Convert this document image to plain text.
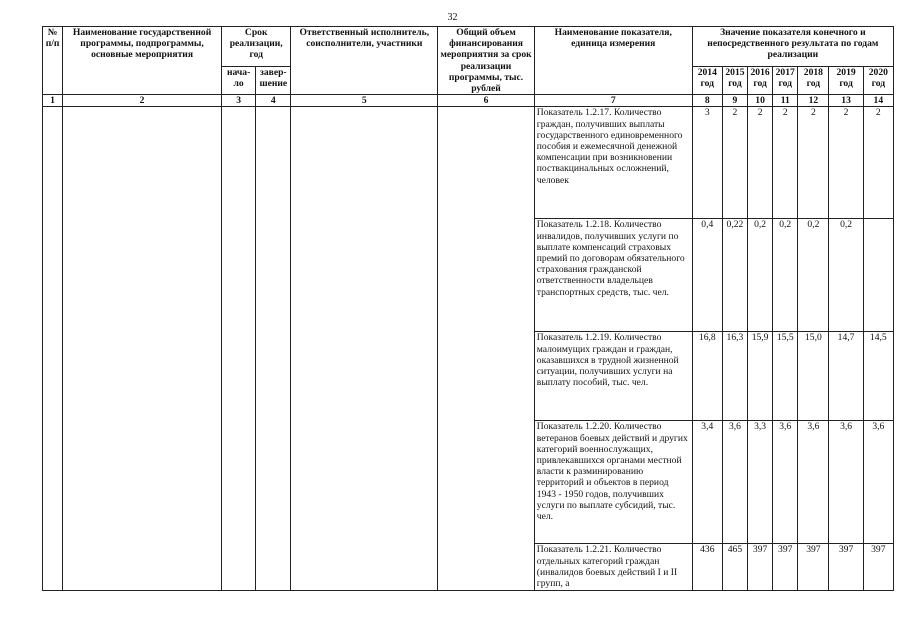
32
№ п/п	Наименование государственной программы, подпрограммы, основные мероприятия	Срок реализации, год		Ответственный исполнитель, соисполнители, участники	Общий объем финансирования мероприятия за срок реализации программы, тыс. рублей	Наименование показателя, единица измерения	Значение показателя конечного и непосредственного результата по годам реализации						
		нача-ло	завер-шение				2014 год	2015 год	2016 год	2017 год	2018 год	2019 год	2020 год
1	2	3	4	5	6	7	8	9	10	11	12	13	14
						Показатель 1.2.17. Количество граждан, получивших выплаты государственного единовременного пособия и ежемесячной денежной компенсации при возникновении поствакцинальных осложнений, человек	3	2	2	2	2	2	2
						Показатель 1.2.18. Количество инвалидов, получивших услуги по выплате компенсаций страховых премий по договорам обязательного страхования гражданской ответственности владельцев транспортных средств, тыс. чел.	0,4	0,22	0,2	0,2	0,2	0,2	
						Показатель 1.2.19. Количество малоимущих граждан и граждан, оказавшихся в трудной жизненной ситуации, получивших услуги на выплату пособий, тыс. чел.	16,8	16,3	15,9	15,5	15,0	14,7	14,5
						Показатель 1.2.20. Количество ветеранов боевых действий и других категорий военнослужащих, привлекавшихся органами местной власти к разминированию территорий и объектов в период 1943 - 1950 годов, получивших услуги по выплате субсидий, тыс. чел.	3,4	3,6	3,3	3,6	3,6	3,6	3,6
						Показатель 1.2.21. Количество отдельных категорий граждан (инвалидов боевых действий I и II групп, а	436	465	397	397	397	397	397
